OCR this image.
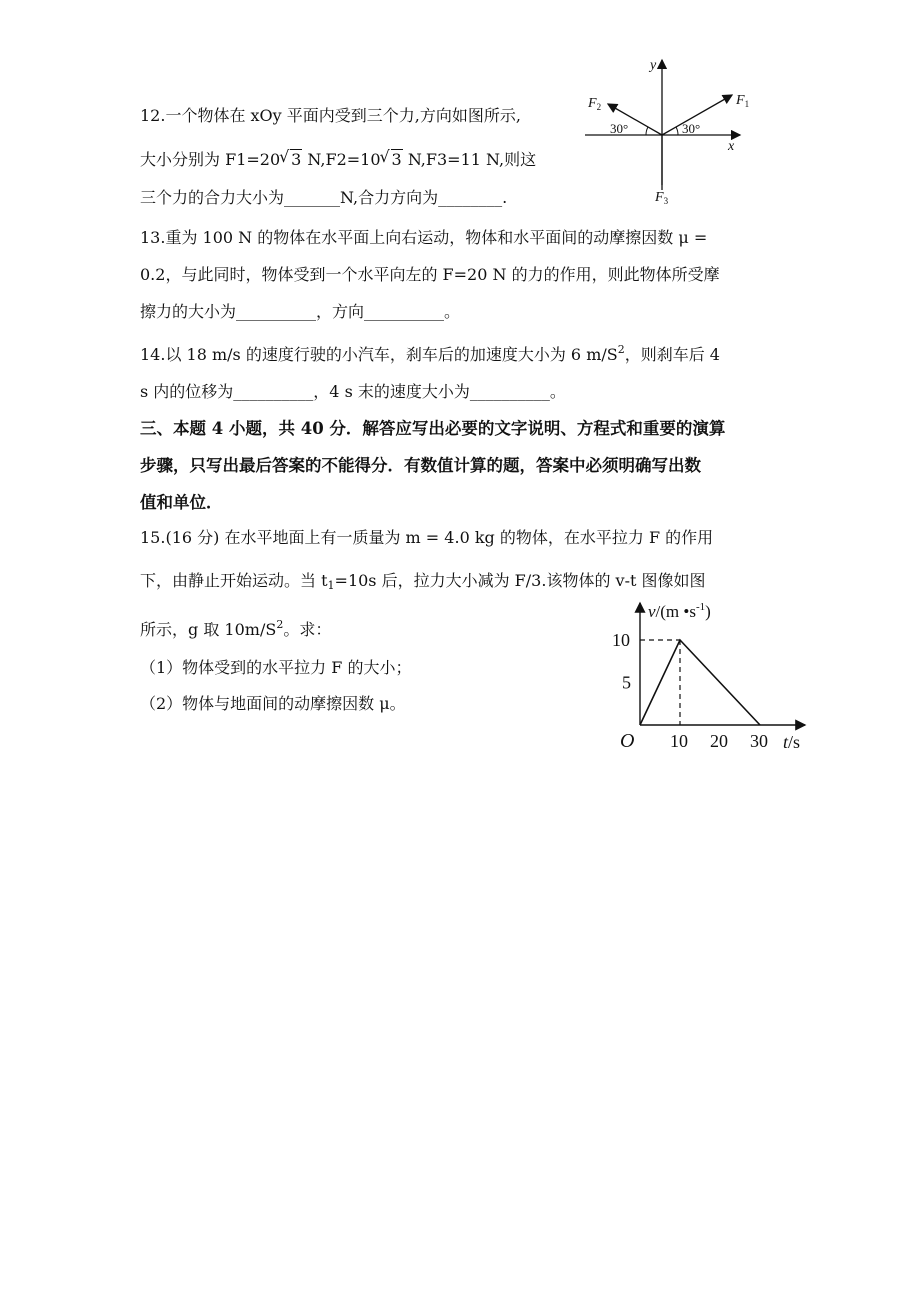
12.一个物体在 xOy 平面内受到三个力,方向如图所示,
大小分别为 F1=20 √ 3 N,F2=10 √ 3 N,F3=11 N,则这
三个力的合力大小为_______N,合力方向为________.
y
x
$F_1$
$F_2$
$F_3$
30°	30°
13.重为 100 N 的物体在水平面上向右运动，物体和水平面间的动摩擦因数 μ =
0.2，与此同时，物体受到一个水平向左的 F=20 N 的力的作用，则此物体所受摩
擦力的大小为__________，方向__________。
14.以 18 m/s 的速度行驶的小汽车，刹车后的加速度大小为 6 $m/S^2$，则刹车后 4
s 内的位移为__________，4 s 末的速度大小为__________。
三、本题 4 小题，共 40 分．解答应写出必要的文字说明、方程式和重要的演算
步骤，只写出最后答案的不能得分．有数值计算的题，答案中必须明确写出数
值和单位．
15.(16 分) 在水平地面上有一质量为 m = 4.0 kg 的物体，在水平拉力 F 的作用
下，由静止开始运动。当 $t_1=10s$ 后，拉力大小减为 F/3.该物体的 v-t 图像如图
所示，g 取 $10m/S^2$。求：
（1）物体受到的水平拉力 F 的大小；
（2）物体与地面间的动摩擦因数 μ。
v/(m $•s^{-1}$)
t/s
O 10 20 30
5
10
